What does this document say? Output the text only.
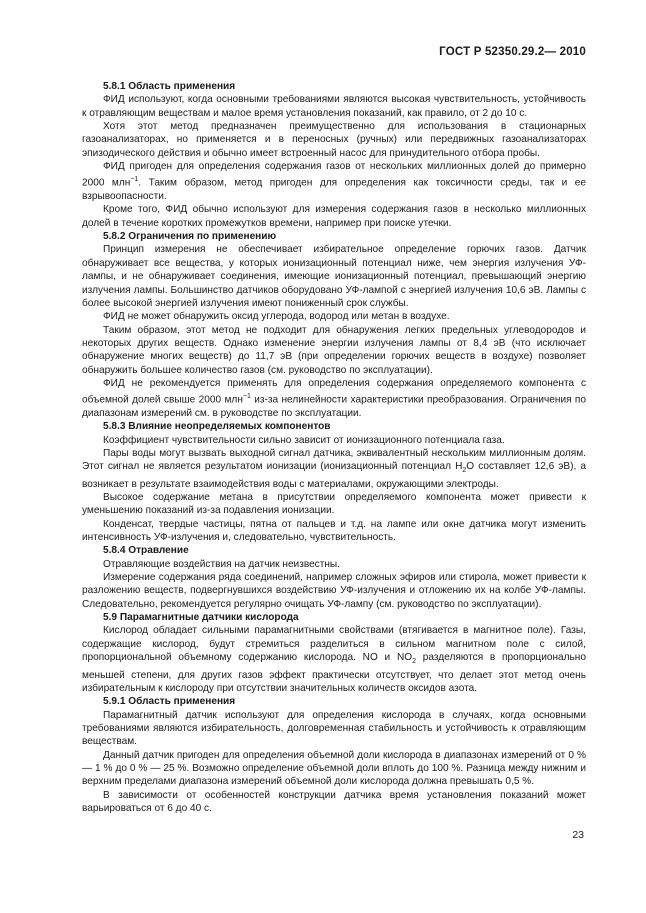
ГОСТ Р 52350.29.2— 2010

5.8.1 Область применения

ФИД используют, когда основными требованиями являются высокая чувствительность, устойчивость к отравляющим веществам и малое время установления показаний, как правило, от 2 до 10 с.

Хотя этот метод предназначен преимущественно для использования в стационарных газоанализаторах, но применяется и в переносных (ручных) или передвижных газоанализаторах эпизодического действия и обычно имеет встроенный насос для принудительного отбора пробы.

ФИД пригоден для определения содержания газов от нескольких миллионных долей до примерно 2000 млн$^{-1}$. Таким образом, метод пригоден для определения как токсичности среды, так и ее взрывоопасности.

Кроме того, ФИД обычно используют для измерения содержания газов в несколько миллионных долей в течение коротких промежутков времени, например при поиске утечки.

5.8.2 Ограничения по применению

Принцип измерения не обеспечивает избирательное определение горючих газов. Датчик обнаруживает все вещества, у которых ионизационный потенциал ниже, чем энергия излучения УФ-лампы, и не обнаруживает соединения, имеющие ионизационный потенциал, превышающий энергию излучения лампы. Большинство датчиков оборудовано УФ-лампой с энергией излучения 10,6 эВ. Лампы с более высокой энергией излучения имеют пониженный срок службы.

ФИД не может обнаружить оксид углерода, водород или метан в воздухе.

Таким образом, этот метод не подходит для обнаружения легких предельных углеводородов и некоторых других веществ. Однако изменение энергии излучения лампы от 8,4 эВ (что исключает обнаружение многих веществ) до 11,7 эВ (при определении горючих веществ в воздухе) позволяет обнаружить большее количество газов (см. руководство по эксплуатации).

ФИД не рекомендуется применять для определения содержания определяемого компонента с объемной долей свыше 2000 млн$^{-1}$ из-за нелинейности характеристики преобразования. Ограничения по диапазонам измерений см. в руководстве по эксплуатации.

5.8.3 Влияние неопределяемых компонентов

Коэффициент чувствительности сильно зависит от ионизационного потенциала газа.

Пары воды могут вызвать выходной сигнал датчика, эквивалентный нескольким миллионным долям. Этот сигнал не является результатом ионизации (ионизационный потенциал $H_2O$ составляет 12,6 эВ), а возникает в результате взаимодействия воды с материалами, окружающими электроды.

Высокое содержание метана в присутствии определяемого компонента может привести к уменьшению показаний из-за подавления ионизации.

Конденсат, твердые частицы, пятна от пальцев и т.д. на лампе или окне датчика могут изменить интенсивность УФ-излучения и, следовательно, чувствительность.

5.8.4 Отравление

Отравляющие воздействия на датчик неизвестны.

Измерение содержания ряда соединений, например сложных эфиров или стирола, может привести к разложению веществ, подвергнувшихся воздействию УФ-излучения и отложению их на колбе УФ-лампы. Следовательно, рекомендуется регулярно очищать УФ-лампу (см. руководство по эксплуатации).

5.9 Парамагнитные датчики кислорода

Кислород обладает сильными парамагнитными свойствами (втягивается в магнитное поле). Газы, содержащие кислород, будут стремиться разделиться в сильном магнитном поле с силой, пропорциональной объемному содержанию кислорода. NO и $NO_2$ разделяются в пропорционально меньшей степени, для других газов эффект практически отсутствует, что делает этот метод очень избирательным к кислороду при отсутствии значительных количеств оксидов азота.

5.9.1 Область применения

Парамагнитный датчик используют для определения кислорода в случаях, когда основными требованиями являются избирательность, долговременная стабильность и устойчивость к отравляющим веществам.

Данный датчик пригоден для определения объемной доли кислорода в диапазонах измерений от 0 % — 1 % до 0 % — 25 %. Возможно определение объемной доли вплоть до 100 %. Разница между нижним и верхним пределами диапазона измерений объемной доли кислорода должна превышать 0,5 %.

В зависимости от особенностей конструкции датчика время установления показаний может варьироваться от 6 до 40 с.

23
